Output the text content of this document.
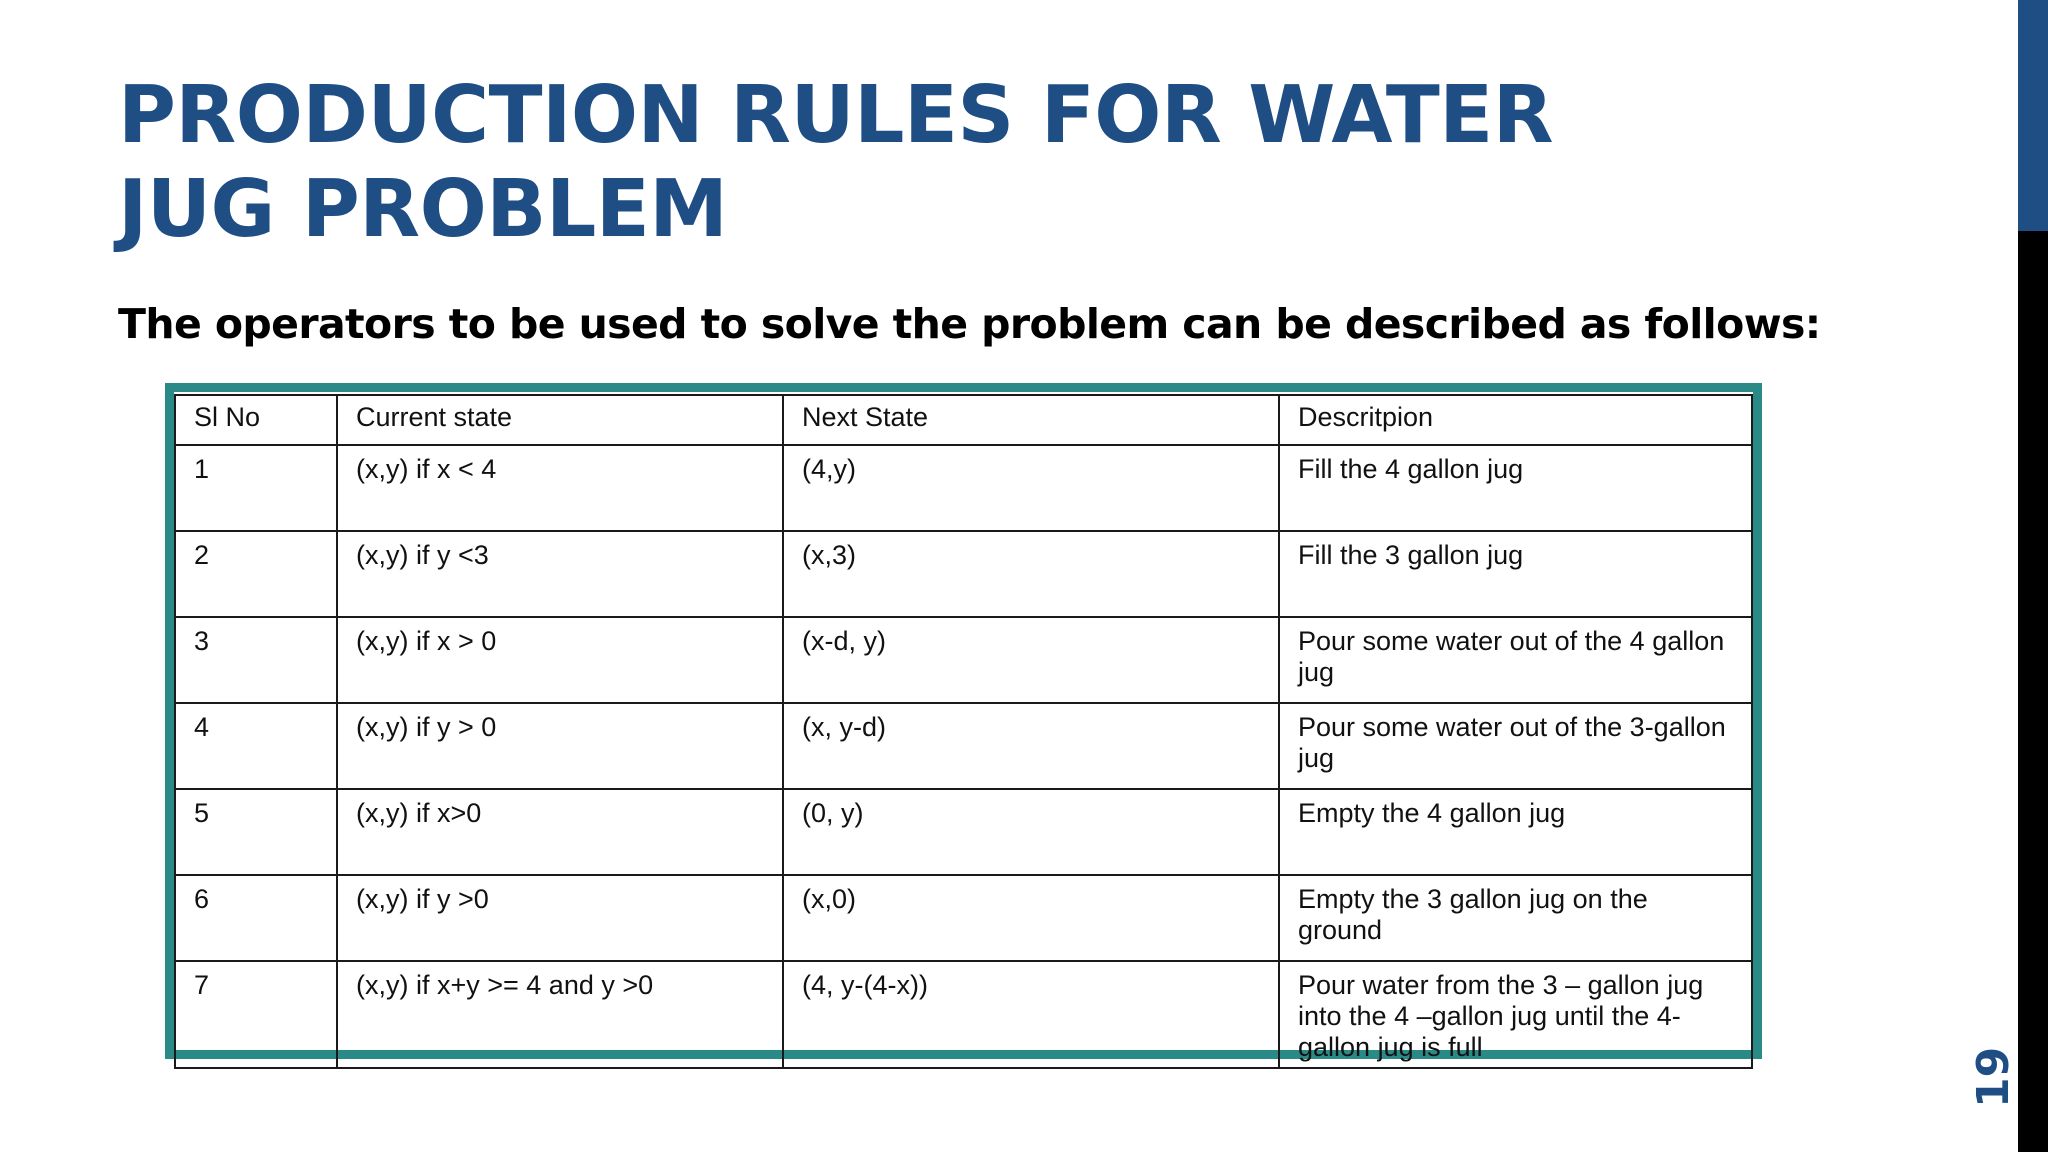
PRODUCTION RULES FOR WATER
JUG PROBLEM

The operators to be used to solve the problem can be described as follows:

Sl No	Current state	Next State	Descritpion
1	(x,y) if x < 4	(4,y)	Fill the 4 gallon jug
2	(x,y) if y <3	(x,3)	Fill the 3 gallon jug
3	(x,y) if x > 0	(x-d, y)	Pour some water out of the 4 gallon jug
4	(x,y) if y > 0	(x, y-d)	Pour some water out of the 3-gallon jug
5	(x,y) if x>0	(0, y)	Empty the 4 gallon jug
6	(x,y) if y >0	(x,0)	Empty the 3 gallon jug on the ground
7	(x,y) if x+y >= 4 and y >0	(4, y-(4-x))	Pour water from the 3 – gallon jug into the 4 –gallon jug until the 4-gallon jug is full	19
